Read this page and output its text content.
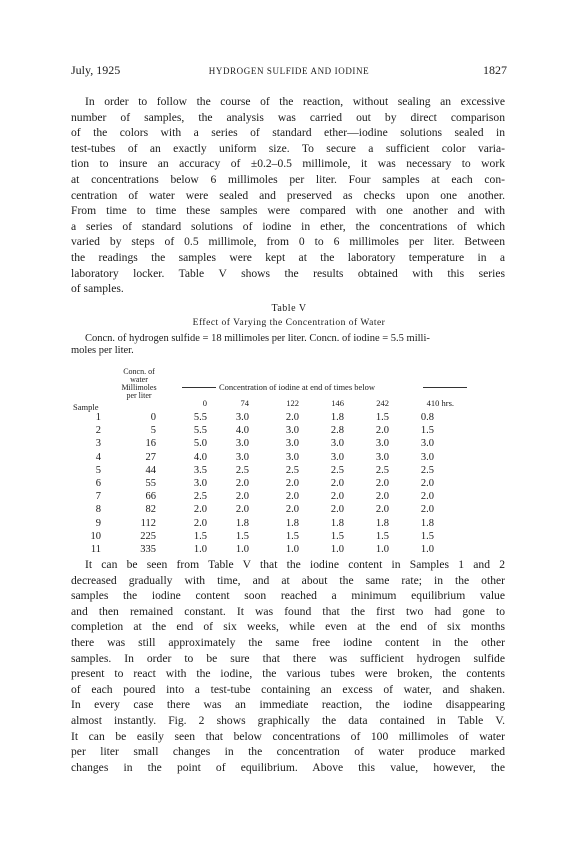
July, 1925	HYDROGEN SULFIDE AND IODINE	1827
In order to follow the course of the reaction, without sealing an excessive
number of samples, the analysis was carried out by direct comparison
of the colors with a series of standard ether—iodine solutions sealed in
test-tubes of an exactly uniform size. To secure a sufficient color varia-
tion to insure an accuracy of ±0.2–0.5 millimole, it was necessary to work
at concentrations below 6 millimoles per liter. Four samples at each con-
centration of water were sealed and preserved as checks upon one another.
From time to time these samples were compared with one another and with
a series of standard solutions of iodine in ether, the concentrations of which
varied by steps of 0.5 millimole, from 0 to 6 millimoles per liter. Between
the readings the samples were kept at the laboratory temperature in a
laboratory locker. Table V shows the results obtained with this series
of samples.
Table V
Effect of Varying the Concentration of Water
Concn. of hydrogen sulfide = 18 millimoles per liter. Concn. of iodine = 5.5 milli-
moles per liter.
Concn. of
water
Millimoles
per liter
Sample
Concentration of iodine at end of times below
0	74	122	146	242	410 hrs.
1	0	5.5	3.0	2.0	1.8	1.5	0.8
2	5	5.5	4.0	3.0	2.8	2.0	1.5
3	16	5.0	3.0	3.0	3.0	3.0	3.0
4	27	4.0	3.0	3.0	3.0	3.0	3.0
5	44	3.5	2.5	2.5	2.5	2.5	2.5
6	55	3.0	2.0	2.0	2.0	2.0	2.0
7	66	2.5	2.0	2.0	2.0	2.0	2.0
8	82	2.0	2.0	2.0	2.0	2.0	2.0
9	112	2.0	1.8	1.8	1.8	1.8	1.8
10	225	1.5	1.5	1.5	1.5	1.5	1.5
11	335	1.0	1.0	1.0	1.0	1.0	1.0
It can be seen from Table V that the iodine content in Samples 1 and 2
decreased gradually with time, and at about the same rate; in the other
samples the iodine content soon reached a minimum equilibrium value
and then remained constant. It was found that the first two had gone to
completion at the end of six weeks, while even at the end of six months
there was still approximately the same free iodine content in the other
samples. In order to be sure that there was sufficient hydrogen sulfide
present to react with the iodine, the various tubes were broken, the contents
of each poured into a test-tube containing an excess of water, and shaken.
In every case there was an immediate reaction, the iodine disappearing
almost instantly. Fig. 2 shows graphically the data contained in Table V.
It can be easily seen that below concentrations of 100 millimoles of water
per liter small changes in the concentration of water produce marked
changes in the point of equilibrium. Above this value, however, the
